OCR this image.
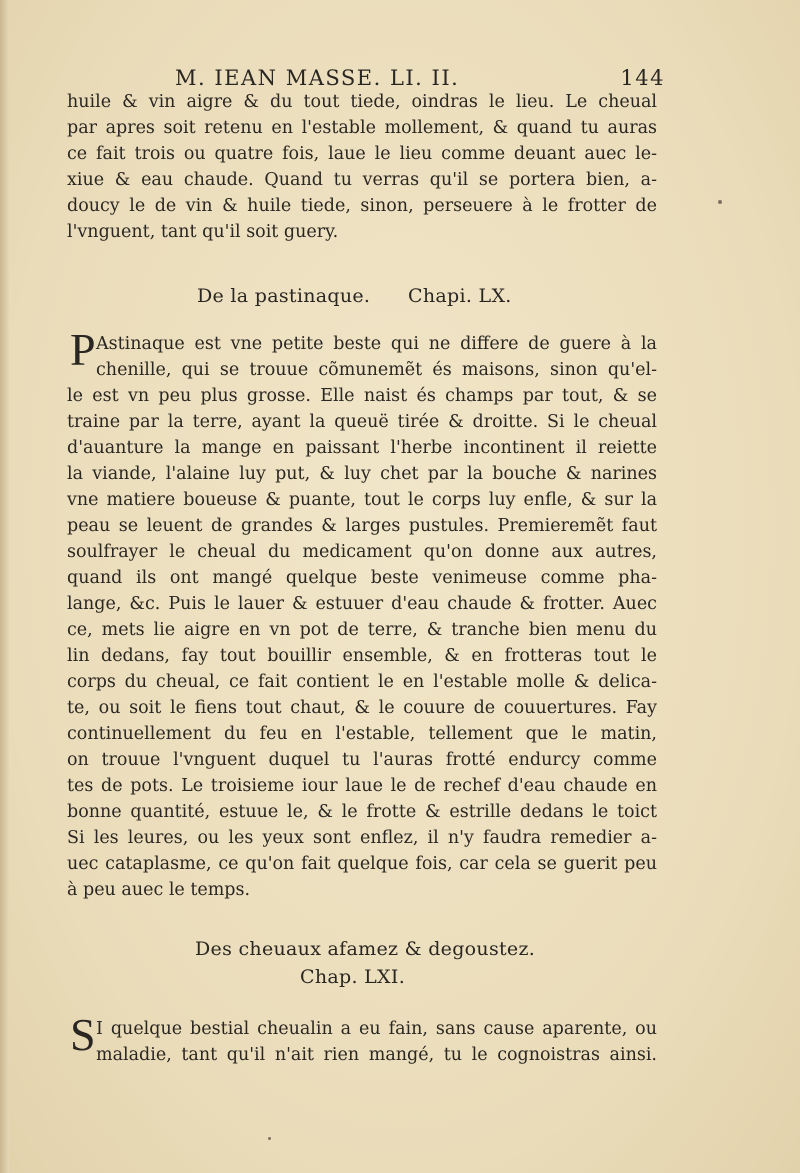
M. IEAN MASSE. LI. II.	144
huile & vin aigre & du tout tiede, oindras le lieu. Le cheual
par apres soit retenu en l'estable mollement, & quand tu auras
ce fait trois ou quatre fois, laue le lieu comme deuant auec le-
xiue & eau chaude. Quand tu verras qu'il se portera bien, a-
doucy le de vin & huile tiede, sinon, perseuere à le frotter de
l'vnguent, tant qu'il soit guery.
De la pastinaque. Chapi. LX.
P Astinaque est vne petite beste qui ne differe de guere à la
chenille, qui se trouue cõmunemẽt és maisons, sinon qu'el-
le est vn peu plus grosse. Elle naist és champs par tout, & se
traine par la terre, ayant la queuë tirée & droitte. Si le cheual
d'auanture la mange en paissant l'herbe incontinent il reiette
la viande, l'alaine luy put, & luy chet par la bouche & narines
vne matiere boueuse & puante, tout le corps luy enfle, & sur la
peau se leuent de grandes & larges pustules. Premieremẽt faut
soulfrayer le cheual du medicament qu'on donne aux autres,
quand ils ont mangé quelque beste venimeuse comme pha-
lange, &c. Puis le lauer & estuuer d'eau chaude & frotter. Auec
ce, mets lie aigre en vn pot de terre, & tranche bien menu du
lin dedans, fay tout bouillir ensemble, & en frotteras tout le
corps du cheual, ce fait contient le en l'estable molle & delica-
te, ou soit le fiens tout chaut, & le couure de couuertures. Fay
continuellement du feu en l'estable, tellement que le matin,
on trouue l'vnguent duquel tu l'auras frotté endurcy comme
tes de pots. Le troisieme iour laue le de rechef d'eau chaude en
bonne quantité, estuue le, & le frotte & estrille dedans le toict
Si les leures, ou les yeux sont enflez, il n'y faudra remedier a-
uec cataplasme, ce qu'on fait quelque fois, car cela se guerit peu
à peu auec le temps.
Des cheuaux afamez & degoustez.
Chap. LXI.
S I quelque bestial cheualin a eu fain, sans cause aparente, ou
maladie, tant qu'il n'ait rien mangé, tu le cognoistras ainsi.
